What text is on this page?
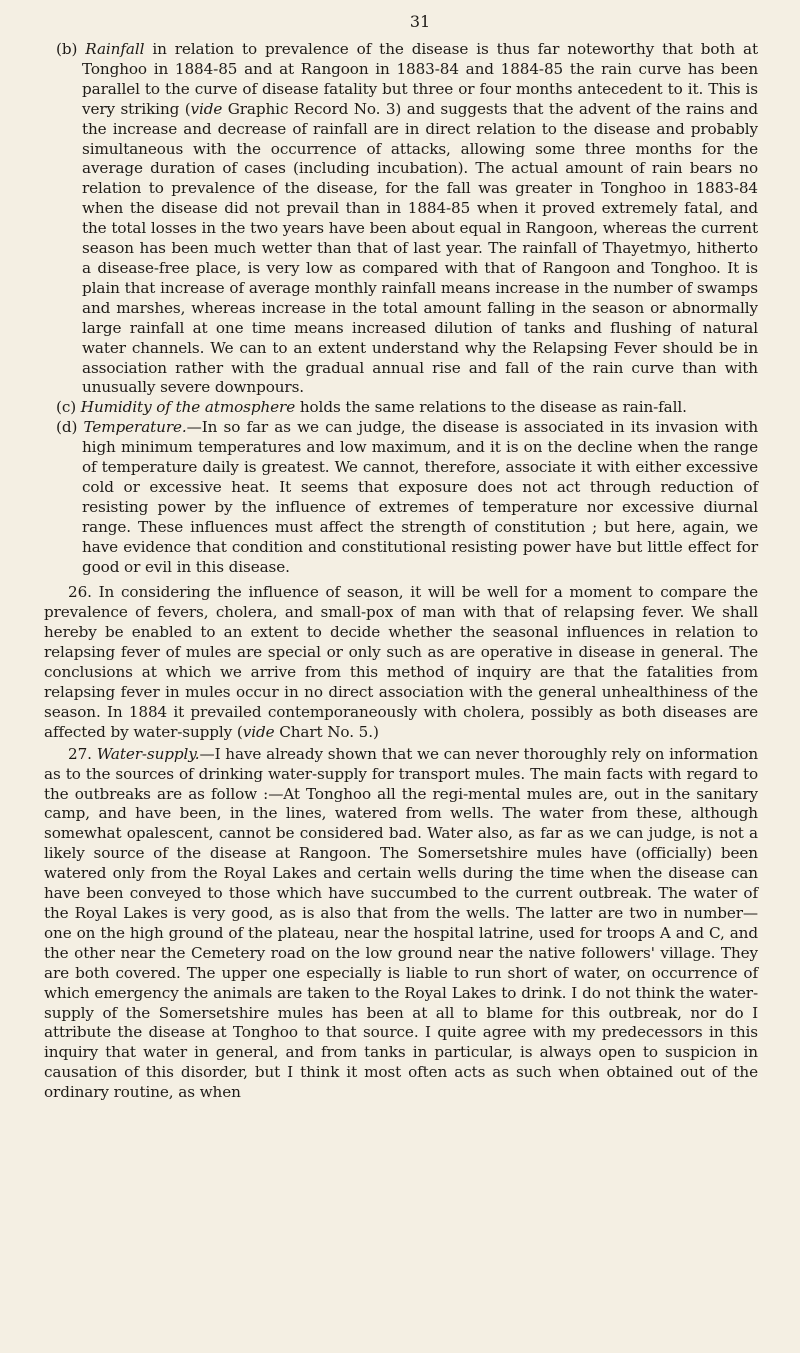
31

(b) Rainfall in relation to prevalence of the disease is thus far noteworthy that both at Tonghoo in 1884-85 and at Rangoon in 1883-84 and 1884-85 the rain curve has been parallel to the curve of disease fatality but three or four months antecedent to it. This is very striking (vide Graphic Record No. 3) and suggests that the advent of the rains and the increase and decrease of rainfall are in direct relation to the disease and probably simultaneous with the occurrence of attacks, allowing some three months for the average duration of cases (including incubation). The actual amount of rain bears no relation to prevalence of the disease, for the fall was greater in Tonghoo in 1883-84 when the disease did not prevail than in 1884-85 when it proved extremely fatal, and the total losses in the two years have been about equal in Rangoon, whereas the current season has been much wetter than that of last year. The rainfall of Thayetmyo, hitherto a disease-free place, is very low as compared with that of Rangoon and Tonghoo. It is plain that increase of average monthly rainfall means increase in the number of swamps and marshes, whereas increase in the total amount falling in the season or abnormally large rainfall at one time means increased dilution of tanks and flushing of natural water channels. We can to an extent understand why the Relapsing Fever should be in association rather with the gradual annual rise and fall of the rain curve than with unusually severe downpours.

(c) Humidity of the atmosphere holds the same relations to the disease as rain-fall.

(d) Temperature.—In so far as we can judge, the disease is associated in its invasion with high minimum temperatures and low maximum, and it is on the decline when the range of temperature daily is greatest. We cannot, therefore, associate it with either excessive cold or excessive heat. It seems that exposure does not act through reduction of resisting power by the influence of extremes of temperature nor excessive diurnal range. These influences must affect the strength of constitution ; but here, again, we have evidence that condition and constitutional resisting power have but little effect for good or evil in this disease.

26. In considering the influence of season, it will be well for a moment to compare the prevalence of fevers, cholera, and small-pox of man with that of relapsing fever. We shall hereby be enabled to an extent to decide whether the seasonal influences in relation to relapsing fever of mules are special or only such as are operative in disease in general. The conclusions at which we arrive from this method of inquiry are that the fatalities from relapsing fever in mules occur in no direct association with the general unhealthiness of the season. In 1884 it prevailed contemporaneously with cholera, possibly as both diseases are affected by water-supply (vide Chart No. 5.)

27. Water-supply.—I have already shown that we can never thoroughly rely on information as to the sources of drinking water-supply for transport mules. The main facts with regard to the outbreaks are as follow :—At Tonghoo all the regi-mental mules are, out in the sanitary camp, and have been, in the lines, watered from wells. The water from these, although somewhat opalescent, cannot be considered bad. Water also, as far as we can judge, is not a likely source of the disease at Rangoon. The Somersetshire mules have (officially) been watered only from the Royal Lakes and certain wells during the time when the disease can have been conveyed to those which have succumbed to the current outbreak. The water of the Royal Lakes is very good, as is also that from the wells. The latter are two in number—one on the high ground of the plateau, near the hospital latrine, used for troops A and C, and the other near the Cemetery road on the low ground near the native followers' village. They are both covered. The upper one especially is liable to run short of water, on occurrence of which emergency the animals are taken to the Royal Lakes to drink. I do not think the water-supply of the Somersetshire mules has been at all to blame for this outbreak, nor do I attribute the disease at Tonghoo to that source. I quite agree with my predecessors in this inquiry that water in general, and from tanks in particular, is always open to suspicion in causation of this disorder, but I think it most often acts as such when obtained out of the ordinary routine, as when
